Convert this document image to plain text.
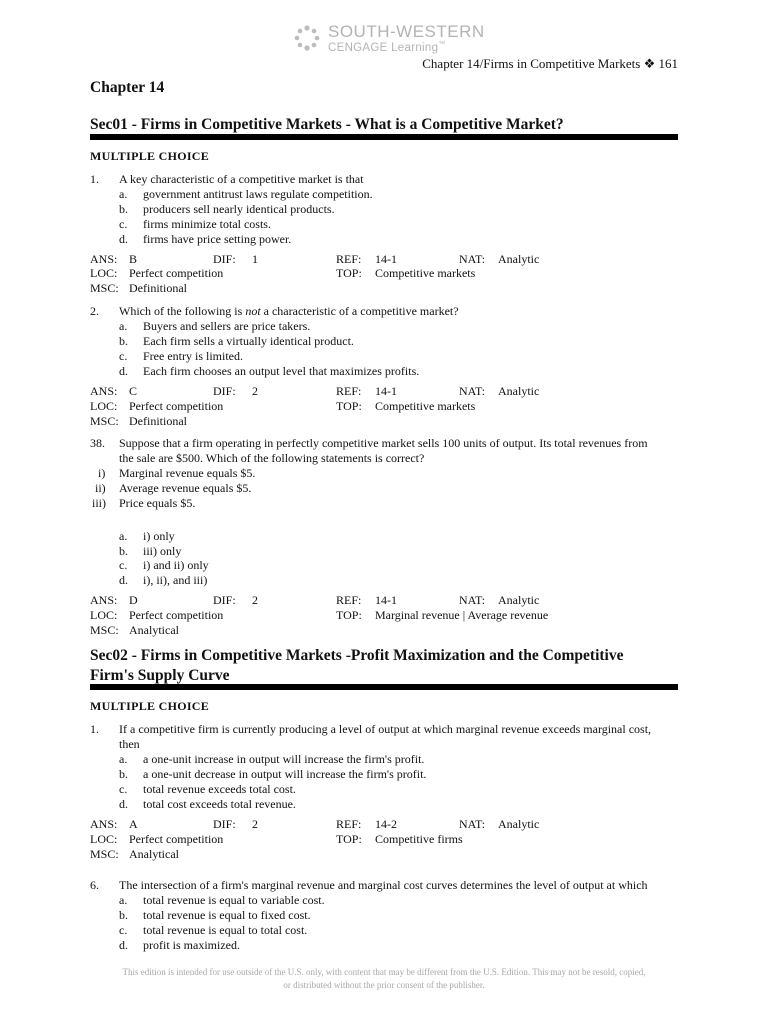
SOUTH-WESTERN
CENGAGE Learning™
Chapter 14/Firms in Competitive Markets ❖ 161
Chapter 14
Sec01 - Firms in Competitive Markets - What is a Competitive Market?
MULTIPLE CHOICE
1. A key characteristic of a competitive market is that
a. government antitrust laws regulate competition.
b. producers sell nearly identical products.
c. firms minimize total costs.
d. firms have price setting power.
ANS: B	DIF: 1	REF: 14-1	NAT: Analytic
LOC: Perfect competition	TOP: Competitive markets
MSC: Definitional
2. Which of the following is not a characteristic of a competitive market?
a. Buyers and sellers are price takers.
b. Each firm sells a virtually identical product.
c. Free entry is limited.
d. Each firm chooses an output level that maximizes profits.
ANS: C	DIF: 2	REF: 14-1	NAT: Analytic
LOC: Perfect competition	TOP: Competitive markets
MSC: Definitional
38. Suppose that a firm operating in perfectly competitive market sells 100 units of output. Its total revenues from
the sale are $500. Which of the following statements is correct?
i) Marginal revenue equals $5.
ii) Average revenue equals $5.
iii) Price equals $5.
a. i) only
b. iii) only
c. i) and ii) only
d. i), ii), and iii)
ANS: D	DIF: 2	REF: 14-1	NAT: Analytic
LOC: Perfect competition	TOP: Marginal revenue | Average revenue
MSC: Analytical
Sec02 - Firms in Competitive Markets -Profit Maximization and the Competitive
Firm's Supply Curve
MULTIPLE CHOICE
1. If a competitive firm is currently producing a level of output at which marginal revenue exceeds marginal cost,
then
a. a one-unit increase in output will increase the firm's profit.
b. a one-unit decrease in output will increase the firm's profit.
c. total revenue exceeds total cost.
d. total cost exceeds total revenue.
ANS: A	DIF: 2	REF: 14-2	NAT: Analytic
LOC: Perfect competition	TOP: Competitive firms
MSC: Analytical
6. The intersection of a firm's marginal revenue and marginal cost curves determines the level of output at which
a. total revenue is equal to variable cost.
b. total revenue is equal to fixed cost.
c. total revenue is equal to total cost.
d. profit is maximized.
This edition is intended for use outside of the U.S. only, with content that may be different from the U.S. Edition. This may not be resold, copied,
or distributed without the prior consent of the publisher.
